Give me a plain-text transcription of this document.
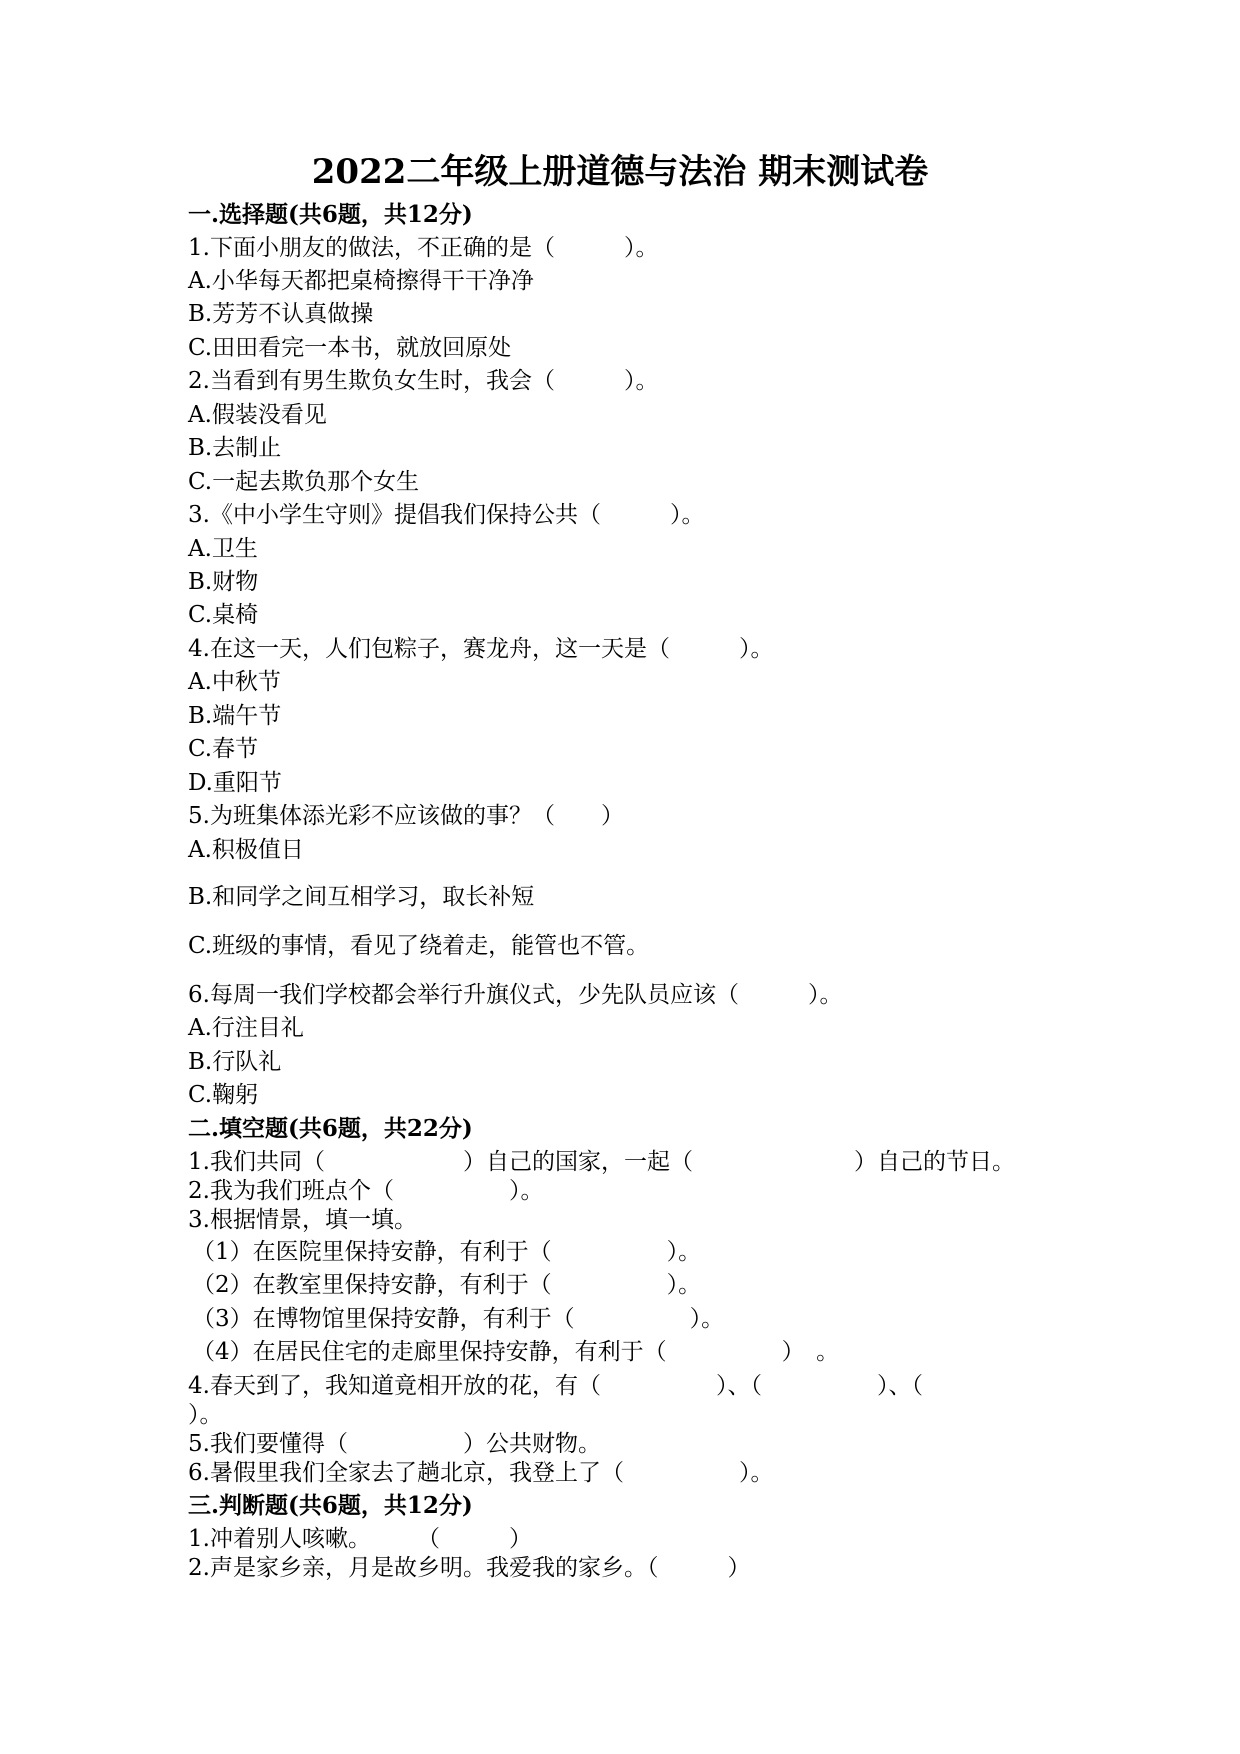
2022二年级上册道德与法治 期末测试卷
一.选择题(共6题，共12分)
1.下面小朋友的做法，不正确的是（　　　）。
A.小华每天都把桌椅擦得干干净净
B.芳芳不认真做操
C.田田看完一本书，就放回原处
2.当看到有男生欺负女生时，我会（　　　）。
A.假装没看见
B.去制止
C.一起去欺负那个女生
3.《中小学生守则》提倡我们保持公共（　　　）。
A.卫生
B.财物
C.桌椅
4.在这一天，人们包粽子，赛龙舟，这一天是（　　　）。
A.中秋节
B.端午节
C.春节
D.重阳节
5.为班集体添光彩不应该做的事？（　　）
A.积极值日
B.和同学之间互相学习，取长补短
C.班级的事情，看见了绕着走，能管也不管。
6.每周一我们学校都会举行升旗仪式，少先队员应该（　　　）。
A.行注目礼
B.行队礼
C.鞠躬
二.填空题(共6题，共22分)
1.我们共同（　　　　　　）自己的国家，一起（　　　　　　　）自己的节日。
2.我为我们班点个（　　　　　）。
3.根据情景，填一填。
（1）在医院里保持安静，有利于（　　　　　）。
（2）在教室里保持安静，有利于（　　　　　）。
（3）在博物馆里保持安静，有利于（　　　　　）。
（4）在居民住宅的走廊里保持安静，有利于（　　　　　）　。
4.春天到了，我知道竟相开放的花，有（　　　　　）、（　　　　　）、（
）。
5.我们要懂得（　　　　　）公共财物。
6.暑假里我们全家去了趟北京，我登上了（　　　　　）。
三.判断题(共6题，共12分)
1.冲着别人咳嗽。　　　（　　　）
2.声是家乡亲，月是故乡明。我爱我的家乡。（　　　）
